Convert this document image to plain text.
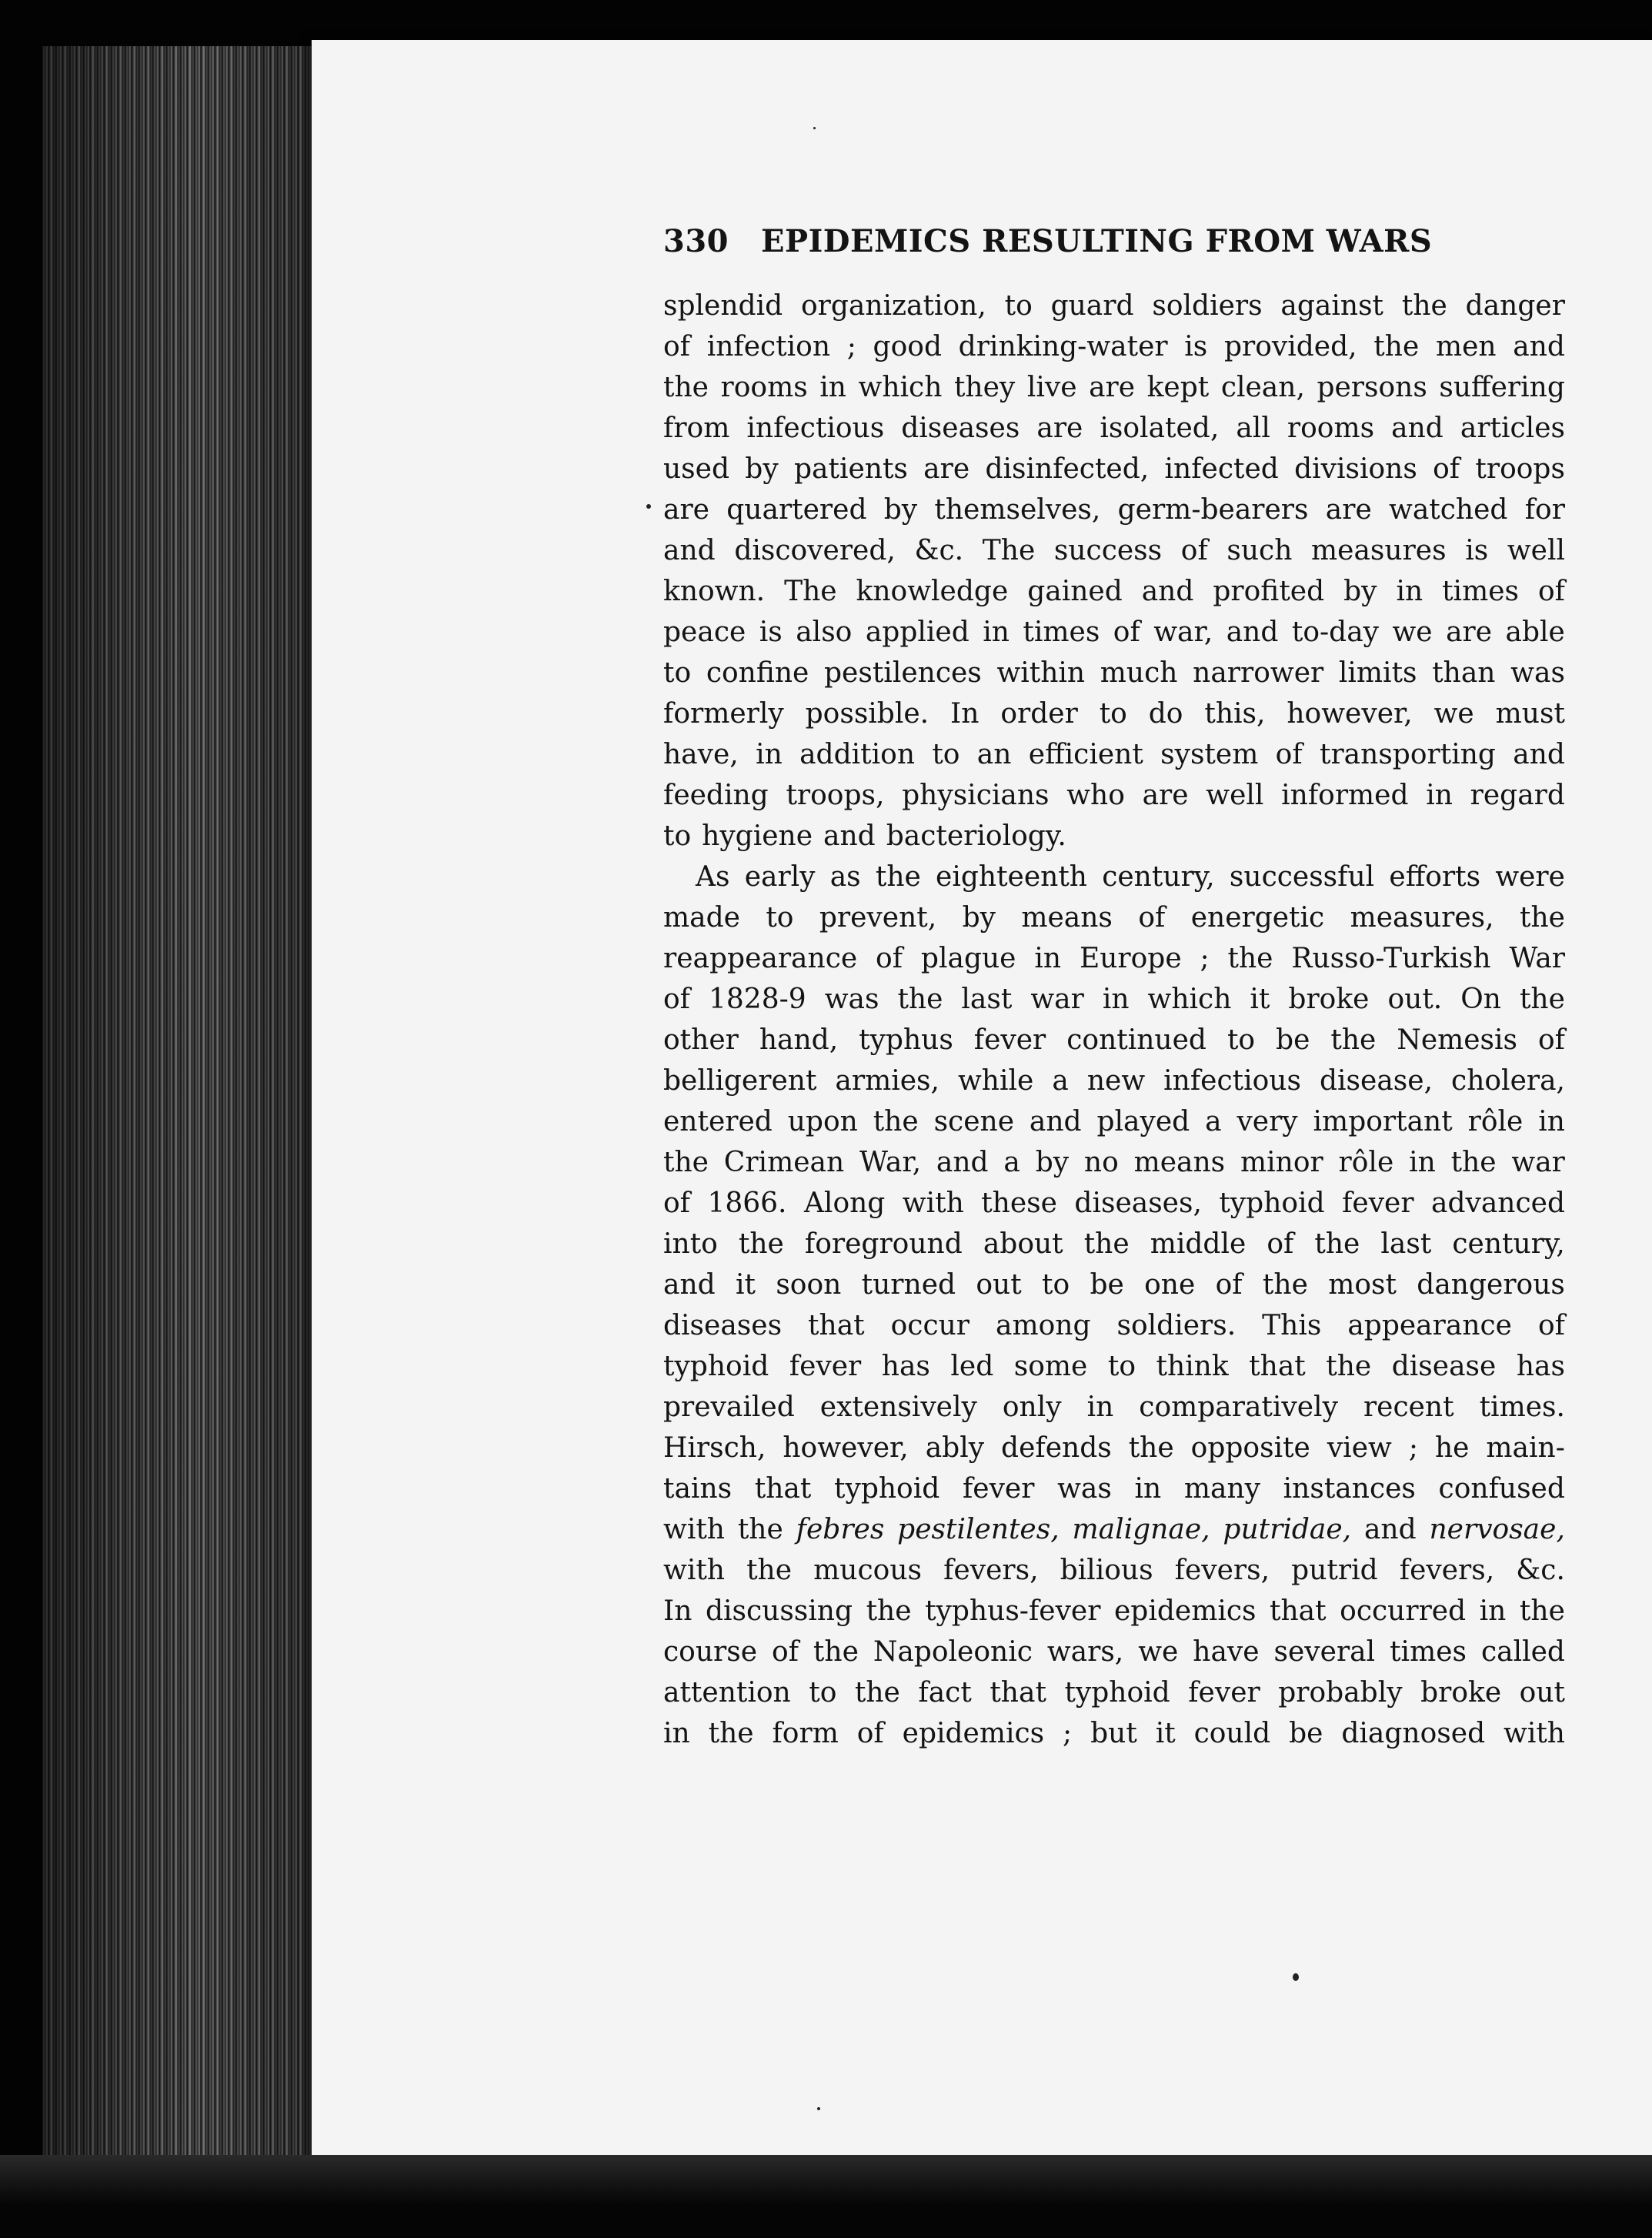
330 EPIDEMICS RESULTING FROM WARS
splendid organization, to guard soldiers against the danger
of infection ; good drinking-water is provided, the men and
the rooms in which they live are kept clean, persons suffering
from infectious diseases are isolated, all rooms and articles
used by patients are disinfected, infected divisions of troops
are quartered by themselves, germ-bearers are watched for
and discovered, &c. The success of such measures is well
known. The knowledge gained and profited by in times of
peace is also applied in times of war, and to-day we are able
to confine pestilences within much narrower limits than was
formerly possible. In order to do this, however, we must
have, in addition to an efficient system of transporting and
feeding troops, physicians who are well informed in regard
to hygiene and bacteriology.
As early as the eighteenth century, successful efforts were
made to prevent, by means of energetic measures, the
reappearance of plague in Europe ; the Russo-Turkish War
of 1828-9 was the last war in which it broke out. On the
other hand, typhus fever continued to be the Nemesis of
belligerent armies, while a new infectious disease, cholera,
entered upon the scene and played a very important rôle in
the Crimean War, and a by no means minor rôle in the war
of 1866. Along with these diseases, typhoid fever advanced
into the foreground about the middle of the last century,
and it soon turned out to be one of the most dangerous
diseases that occur among soldiers. This appearance of
typhoid fever has led some to think that the disease has
prevailed extensively only in comparatively recent times.
Hirsch, however, ably defends the opposite view ; he main-
tains that typhoid fever was in many instances confused
with the febres pestilentes, malignae, putridae, and nervosae,
with the mucous fevers, bilious fevers, putrid fevers, &c.
In discussing the typhus-fever epidemics that occurred in the
course of the Napoleonic wars, we have several times called
attention to the fact that typhoid fever probably broke out
in the form of epidemics ; but it could be diagnosed with
